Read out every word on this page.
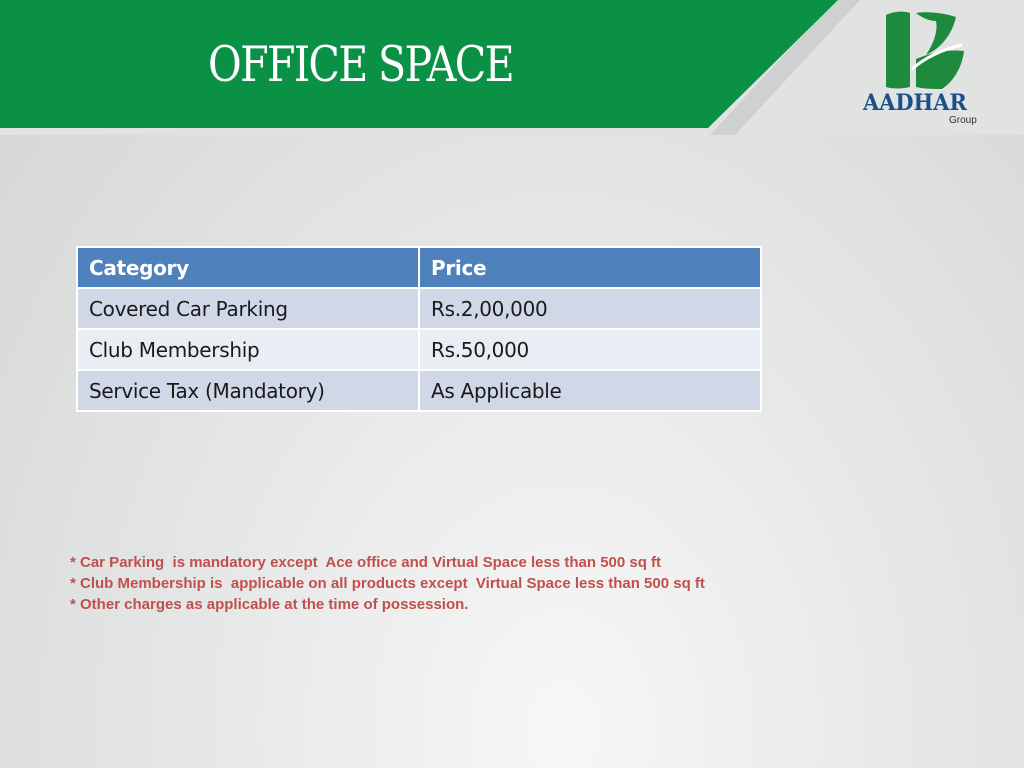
OFFICE SPACE
AADHAR
Group
Category	Price
Covered Car Parking	Rs.2,00,000
Club Membership	Rs.50,000
Service Tax (Mandatory)	As Applicable
* Car Parking  is mandatory except  Ace office and Virtual Space less than 500 sq ft
* Club Membership is  applicable on all products except  Virtual Space less than 500 sq ft
* Other charges as applicable at the time of possession.
